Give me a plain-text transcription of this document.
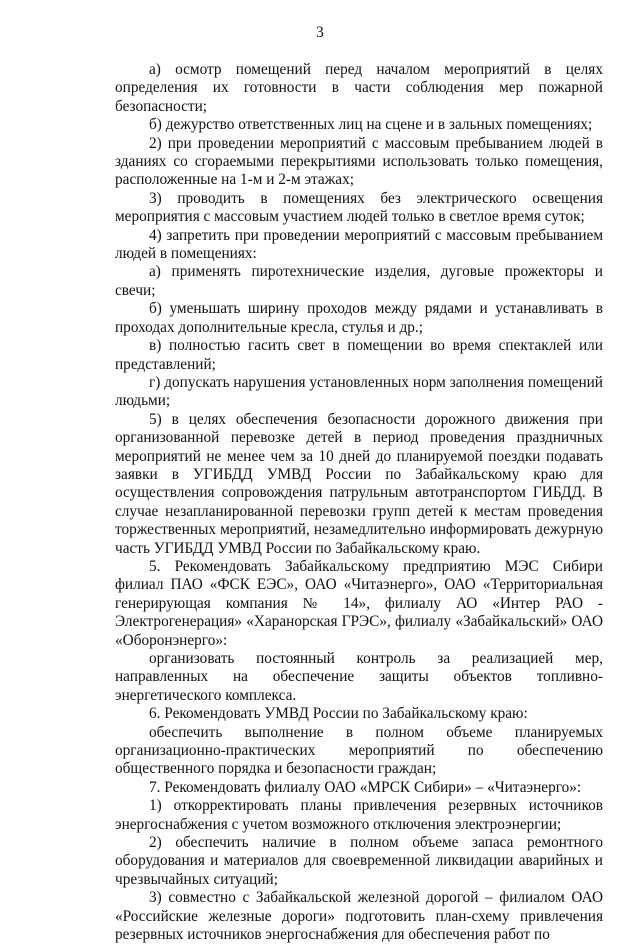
3

а) осмотр помещений перед началом мероприятий в целях определения их готовности в части соблюдения мер пожарной безопасности;

б) дежурство ответственных лиц на сцене и в зальных помещениях;

2) при проведении мероприятий с массовым пребыванием людей в зданиях со сгораемыми перекрытиями использовать только помещения, расположенные на 1-м и 2-м этажах;

3) проводить в помещениях без электрического освещения мероприятия с массовым участием людей только в светлое время суток;

4) запретить при проведении мероприятий с массовым пребыванием людей в помещениях:

а) применять пиротехнические изделия, дуговые прожекторы и свечи;

б) уменьшать ширину проходов между рядами и устанавливать в проходах дополнительные кресла, стулья и др.;

в) полностью гасить свет в помещении во время спектаклей или представлений;

г) допускать нарушения установленных норм заполнения помещений людьми;

5) в целях обеспечения безопасности дорожного движения при организованной перевозке детей в период проведения праздничных мероприятий не менее чем за 10 дней до планируемой поездки подавать заявки в УГИБДД УМВД России по Забайкальскому краю для осуществления сопровождения патрульным автотранспортом ГИБДД. В случае незапланированной перевозки групп детей к местам проведения торжественных мероприятий, незамедлительно информировать дежурную часть УГИБДД УМВД России по Забайкальскому краю.

5. Рекомендовать Забайкальскому предприятию МЭС Сибири филиал ПАО «ФСК ЕЭС», ОАО «Читаэнерго», ОАО «Территориальная генерирующая компания № 14», филиалу АО «Интер РАО - Электрогенерация» «Харанорская ГРЭС», филиалу «Забайкальский» ОАО «Оборонэнерго»:

организовать постоянный контроль за реализацией мер, направленных на обеспечение защиты объектов топливно-энергетического комплекса.

6. Рекомендовать УМВД России по Забайкальскому краю:

обеспечить выполнение в полном объеме планируемых организационно-практических мероприятий по обеспечению общественного порядка и безопасности граждан;

7. Рекомендовать филиалу ОАО «МРСК Сибири» – «Читаэнерго»:

1) откорректировать планы привлечения резервных источников энергоснабжения с учетом возможного отключения электроэнергии;

2) обеспечить наличие в полном объеме запаса ремонтного оборудования и материалов для своевременной ликвидации аварийных и чрезвычайных ситуаций;

3) совместно с Забайкальской железной дорогой – филиалом ОАО «Российские железные дороги» подготовить план-схему привлечения резервных источников энергоснабжения для обеспечения работ по
